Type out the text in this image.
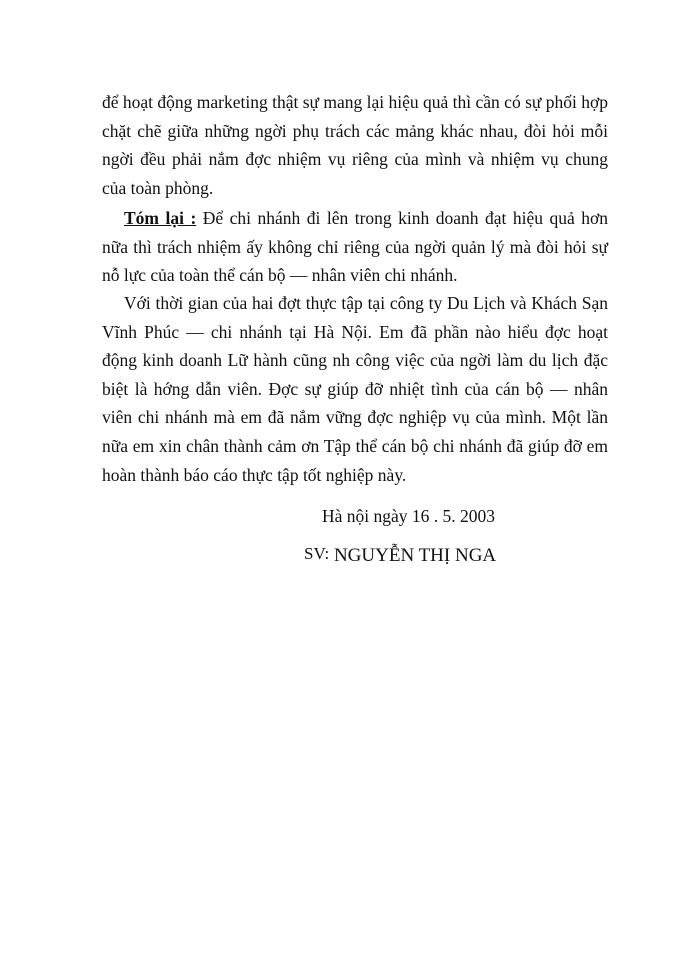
để hoạt động marketing thật sự mang lại hiệu quả thì cần có sự phối hợp chặt chẽ giữa những ngời phụ trách các mảng khác nhau, đòi hỏi mỗi ngời đều phải nắm đợc nhiệm vụ riêng của mình và nhiệm vụ chung của toàn phòng.

Tóm lại : Để chi nhánh đi lên trong kinh doanh đạt hiệu quả hơn nữa thì trách nhiệm ấy không chỉ riêng của ngời quản lý mà đòi hỏi sự nỗ lực của toàn thể cán bộ — nhân viên chi nhánh.

Với thời gian của hai đợt thực tập tại công ty Du Lịch và Khách Sạn Vĩnh Phúc — chi nhánh tại Hà Nội. Em đã phần nào hiểu đợc hoạt động kinh doanh Lữ hành cũng nh công việc của ngời làm du lịch đặc biệt là hớng dẫn viên. Đợc sự giúp đỡ nhiệt tình của cán bộ — nhân viên chi nhánh mà em đã nắm vững đợc nghiệp vụ của mình. Một lần nữa em xin chân thành cảm ơn Tập thể cán bộ chi nhánh đã giúp đỡ em hoàn thành báo cáo thực tập tốt nghiệp này.

Hà nội ngày 16 . 5. 2003
SV: NGUYỄN THỊ NGA
